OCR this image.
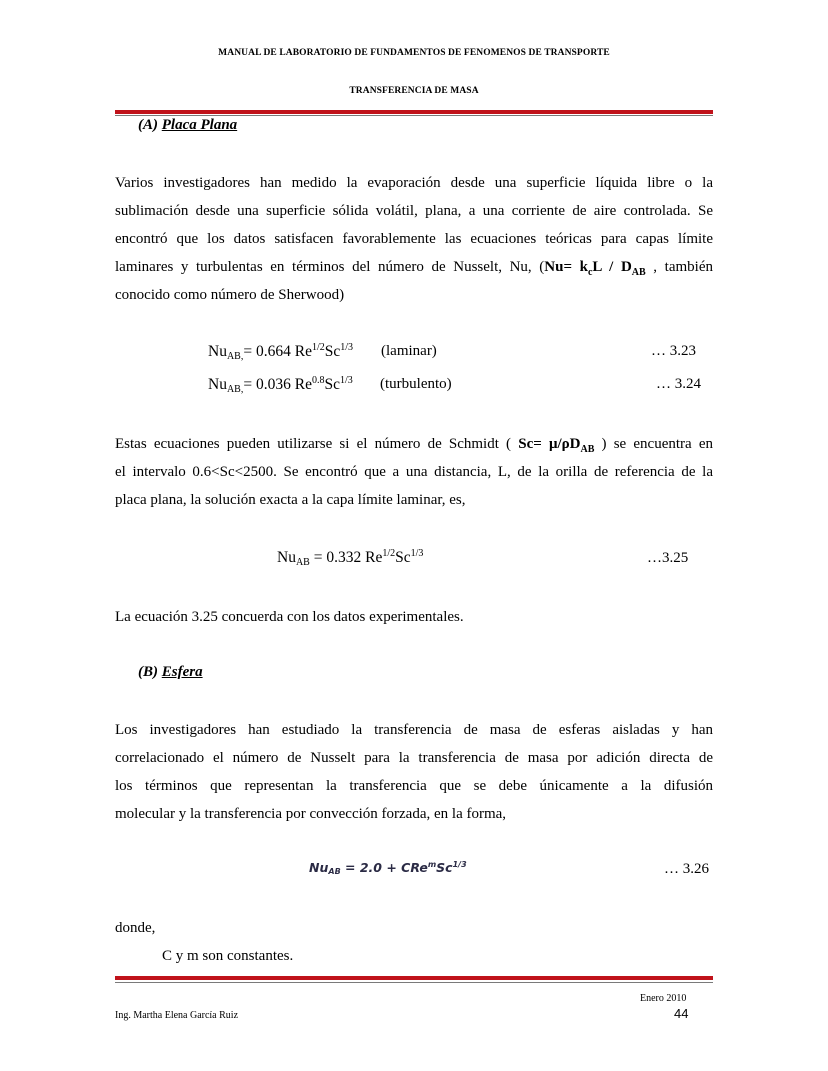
MANUAL DE LABORATORIO DE FUNDAMENTOS DE FENOMENOS DE TRANSPORTE
TRANSFERENCIA DE MASA
(A) Placa Plana
Varios investigadores han medido la evaporación desde una superficie líquida libre o la
sublimación desde una superficie sólida volátil, plana, a una corriente de aire controlada. Se
encontró que los datos satisfacen favorablemente las ecuaciones teóricas para capas límite
laminares y turbulentas en términos del número de Nusselt, Nu, ($Nu= k_cL / D_{AB}$ , también
conocido como número de Sherwood)
$Nu_{AB,}= 0.664$ $Re^{1/2}Sc^{1/3}$ (laminar)	… 3.23
$Nu_{AB,}= 0.036$ $Re^{0.8}Sc^{1/3}$ (turbulento)	… 3.24
Estas ecuaciones pueden utilizarse si el número de Schmidt ( $Sc= \mu/\rho D_{AB}$ ) se encuentra en
el intervalo 0.6<Sc<2500. Se encontró que a una distancia, L, de la orilla de referencia de la
placa plana, la solución exacta a la capa límite laminar, es,
$Nu_{AB} = 0.332$ $Re^{1/2}Sc^{1/3}$	…3.25
La ecuación 3.25 concuerda con los datos experimentales.
(B) Esfera
Los investigadores han estudiado la transferencia de masa de esferas aisladas y han
correlacionado el número de Nusselt para la transferencia de masa por adición directa de
los términos que representan la transferencia que se debe únicamente a la difusión
molecular y la transferencia por convección forzada, en la forma,
$Nu_{AB} = 2.0 + CRe^mSc^{1/3}$	… 3.26
donde,
C y m son constantes.
Enero 2010
Ing. Martha Elena García Ruiz	44
